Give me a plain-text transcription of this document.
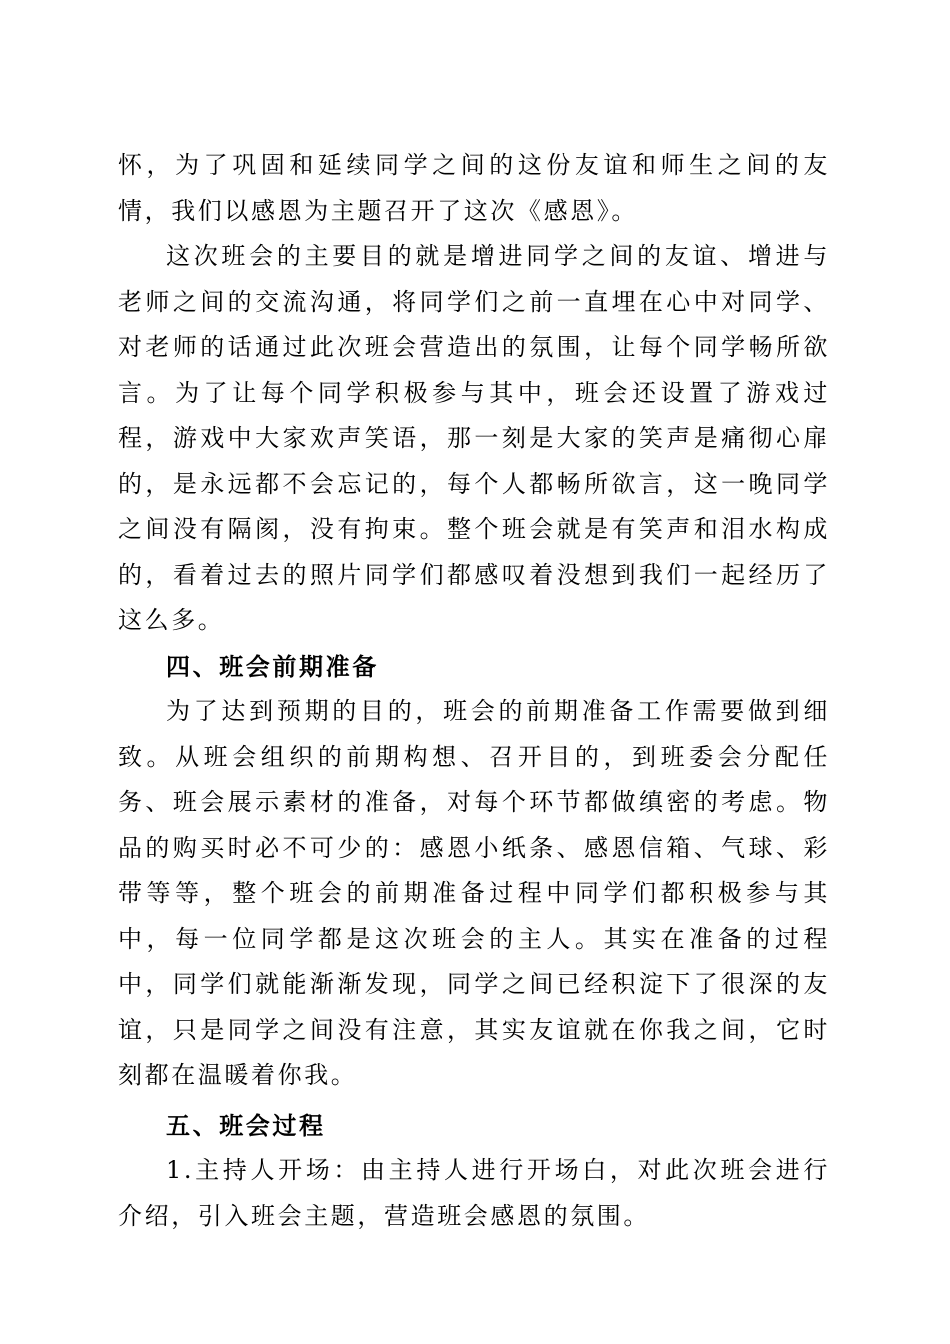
怀，为了巩固和延续同学之间的这份友谊和师生之间的友情，我们以感恩为主题召开了这次《感恩》。

这次班会的主要目的就是增进同学之间的友谊、增进与老师之间的交流沟通，将同学们之前一直埋在心中对同学、对老师的话通过此次班会营造出的氛围，让每个同学畅所欲言。为了让每个同学积极参与其中，班会还设置了游戏过程，游戏中大家欢声笑语，那一刻是大家的笑声是痛彻心扉的，是永远都不会忘记的，每个人都畅所欲言，这一晚同学之间没有隔阂，没有拘束。整个班会就是有笑声和泪水构成的，看着过去的照片同学们都感叹着没想到我们一起经历了这么多。

四、班会前期准备

为了达到预期的目的，班会的前期准备工作需要做到细致。从班会组织的前期构想、召开目的，到班委会分配任务、班会展示素材的准备，对每个环节都做缜密的考虑。物品的购买时必不可少的：感恩小纸条、感恩信箱、气球、彩带等等，整个班会的前期准备过程中同学们都积极参与其中，每一位同学都是这次班会的主人。其实在准备的过程中，同学们就能渐渐发现，同学之间已经积淀下了很深的友谊，只是同学之间没有注意，其实友谊就在你我之间，它时刻都在温暖着你我。

五、班会过程

1.主持人开场：由主持人进行开场白，对此次班会进行介绍，引入班会主题，营造班会感恩的氛围。
